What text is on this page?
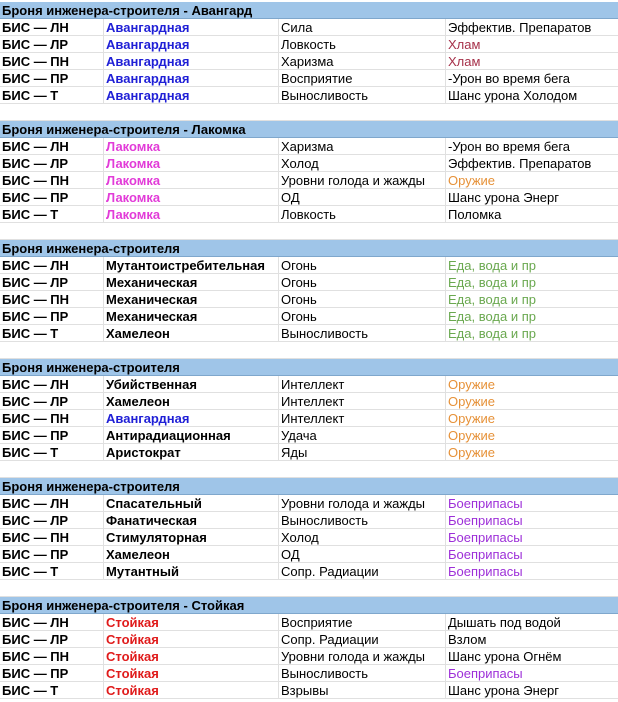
Броня инженера-строителя - Авангард
БИС — ЛН	Авангардная	Сила	Эффектив. Препаратов
БИС — ЛР	Авангардная	Ловкость	Хлам
БИС — ПН	Авангардная	Харизма	Хлам
БИС — ПР	Авангардная	Восприятие	-Урон во время бега
БИС — Т	Авангардная	Выносливость	Шанс урона Холодом
Броня инженера-строителя - Лакомка
БИС — ЛН	Лакомка	Харизма	-Урон во время бега
БИС — ЛР	Лакомка	Холод	Эффектив. Препаратов
БИС — ПН	Лакомка	Уровни голода и жажды	Оружие
БИС — ПР	Лакомка	ОД	Шанс урона Энерг
БИС — Т	Лакомка	Ловкость	Поломка
Броня инженера-строителя
БИС — ЛН	Мутантоистребительная	Огонь	Еда, вода и пр
БИС — ЛР	Механическая	Огонь	Еда, вода и пр
БИС — ПН	Механическая	Огонь	Еда, вода и пр
БИС — ПР	Механическая	Огонь	Еда, вода и пр
БИС — Т	Хамелеон	Выносливость	Еда, вода и пр
Броня инженера-строителя
БИС — ЛН	Убийственная	Интеллект	Оружие
БИС — ЛР	Хамелеон	Интеллект	Оружие
БИС — ПН	Авангардная	Интеллект	Оружие
БИС — ПР	Антирадиационная	Удача	Оружие
БИС — Т	Аристократ	Яды	Оружие
Броня инженера-строителя
БИС — ЛН	Спасательный	Уровни голода и жажды	Боеприпасы
БИС — ЛР	Фанатическая	Выносливость	Боеприпасы
БИС — ПН	Стимуляторная	Холод	Боеприпасы
БИС — ПР	Хамелеон	ОД	Боеприпасы
БИС — Т	Мутантный	Сопр. Радиации	Боеприпасы
Броня инженера-строителя - Стойкая
БИС — ЛН	Стойкая	Восприятие	Дышать под водой
БИС — ЛР	Стойкая	Сопр. Радиации	Взлом
БИС — ПН	Стойкая	Уровни голода и жажды	Шанс урона Огнём
БИС — ПР	Стойкая	Выносливость	Боеприпасы
БИС — Т	Стойкая	Взрывы	Шанс урона Энерг
